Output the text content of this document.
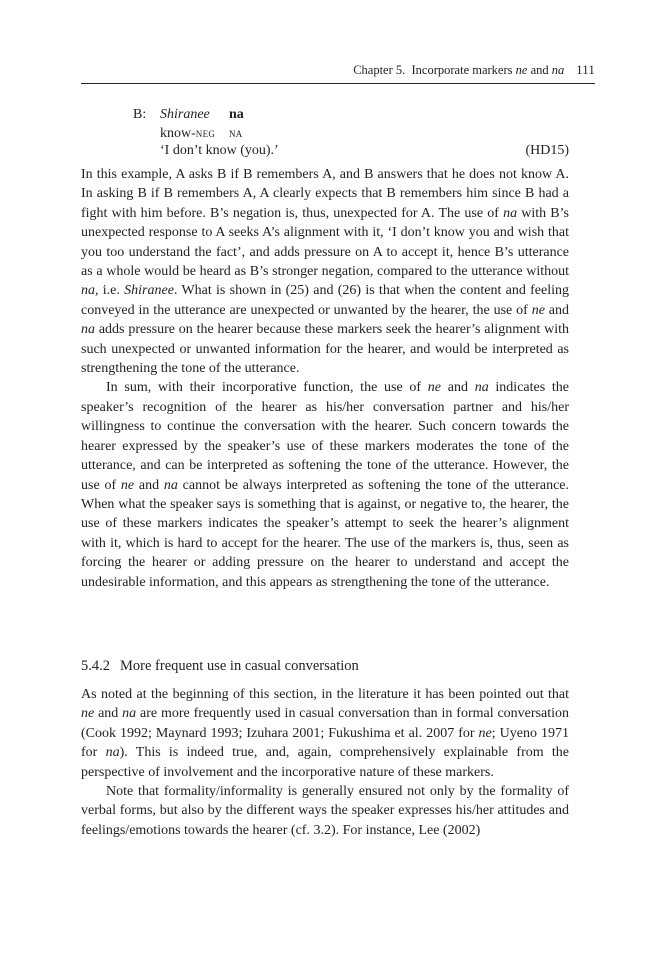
Chapter 5. Incorporate markers ne and na 111
B: Shiranee na
know-neg na
‘I don’t know (you).’	(HD15)

In this example, A asks B if B remembers A, and B answers that he does not know A. In asking B if B remembers A, A clearly expects that B remembers him since B had a fight with him before. B’s negation is, thus, unexpected for A. The use of na with B’s unexpected response to A seeks A’s alignment with it, ‘I don’t know you and wish that you too understand the fact’, and adds pressure on A to accept it, hence B’s utterance as a whole would be heard as B’s stronger negation, compared to the utterance without na, i.e. Shiranee. What is shown in (25) and (26) is that when the content and feeling conveyed in the utterance are unexpected or unwanted by the hearer, the use of ne and na adds pressure on the hearer because these markers seek the hearer’s alignment with such unexpected or unwanted information for the hearer, and would be interpreted as strengthening the tone of the utterance.

In sum, with their incorporative function, the use of ne and na indicates the speaker’s recognition of the hearer as his/her conversation partner and his/her willingness to continue the conversation with the hearer. Such concern towards the hearer expressed by the speaker’s use of these markers moderates the tone of the utterance, and can be interpreted as softening the tone of the utterance. However, the use of ne and na cannot be always interpreted as softening the tone of the utterance. When what the speaker says is something that is against, or negative to, the hearer, the use of these markers indicates the speaker’s attempt to seek the hearer’s alignment with it, which is hard to accept for the hearer. The use of the markers is, thus, seen as forcing the hearer or adding pressure on the hearer to understand and accept the undesirable information, and this appears as strengthening the tone of the utterance.

5.4.2 More frequent use in casual conversation

As noted at the beginning of this section, in the literature it has been pointed out that ne and na are more frequently used in casual conversation than in formal conversation (Cook 1992; Maynard 1993; Izuhara 2001; Fukushima et al. 2007 for ne; Uyeno 1971 for na). This is indeed true, and, again, comprehensively explainable from the perspective of involvement and the incorporative nature of these markers.

Note that formality/informality is generally ensured not only by the formality of verbal forms, but also by the different ways the speaker expresses his/her attitudes and feelings/emotions towards the hearer (cf. 3.2). For instance, Lee (2002)
